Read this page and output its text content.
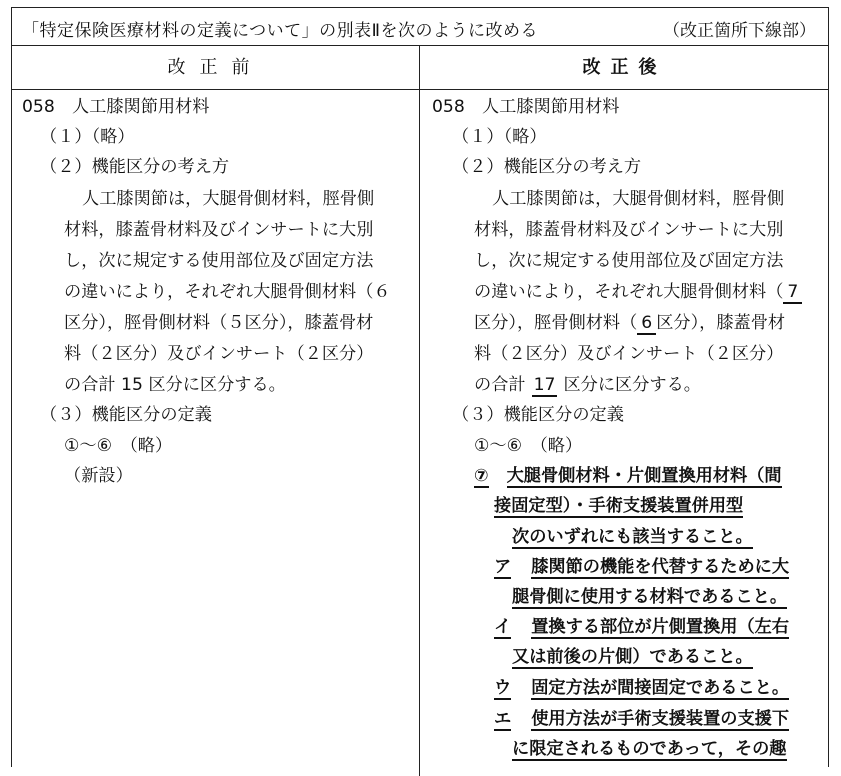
「特定保険医療材料の定義について」の別表Ⅱを次のように改める	（改正箇所下線部）
改正前	改正後
058　人工膝関節用材料
（１）（略）
（２）機能区分の考え方
人工膝関節は，大腿骨側材料，脛骨側
材料，膝蓋骨材料及びインサートに大別
し，次に規定する使用部位及び固定方法
の違いにより，それぞれ大腿骨側材料（６
区分），脛骨側材料（５区分），膝蓋骨材
料（２区分）及びインサート（２区分）
の合計 15 区分に区分する。
（３）機能区分の定義
①～⑥　（略）
（新設）
058　人工膝関節用材料
（１）（略）
（２）機能区分の考え方
人工膝関節は，大腿骨側材料，脛骨側
材料，膝蓋骨材料及びインサートに大別
し，次に規定する使用部位及び固定方法
の違いにより，それぞれ大腿骨側材料（ 7
区分），脛骨側材料（ 6 区分），膝蓋骨材
料（２区分）及びインサート（２区分）
の合計 17 区分に区分する。
（３）機能区分の定義
①～⑥　（略）
⑦ 大腿骨側材料・片側置換用材料（間
接固定型）・手術支援装置併用型
次のいずれにも該当すること。
ア 膝関節の機能を代替するために大
腿骨側に使用する材料であること。
イ 置換する部位が片側置換用（左右
又は前後の片側）であること。
ウ 固定方法が間接固定であること。
エ 使用方法が手術支援装置の支援下
に限定されるものであって，その趣
